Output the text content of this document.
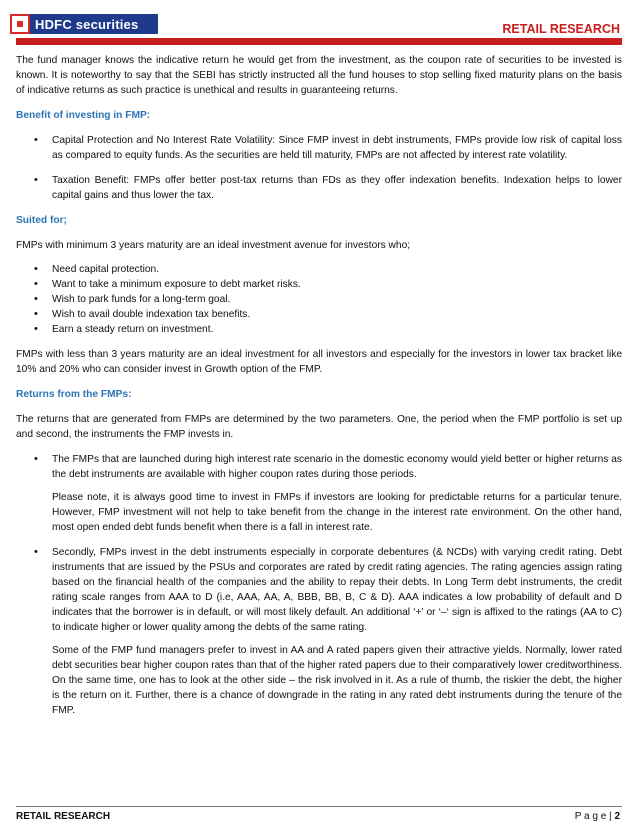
HDFC securities	RETAIL RESEARCH

The fund manager knows the indicative return he would get from the investment, as the coupon rate of securities to be invested is known. It is noteworthy to say that the SEBI has strictly instructed all the fund houses to stop selling fixed maturity plans on the basis of indicative returns as such practice is unethical and results in guaranteeing returns.

Benefit of investing in FMP:

• Capital Protection and No Interest Rate Volatility: Since FMP invest in debt instruments, FMPs provide low risk of capital loss as compared to equity funds. As the securities are held till maturity, FMPs are not affected by interest rate volatility.
• Taxation Benefit: FMPs offer better post-tax returns than FDs as they offer indexation benefits. Indexation helps to lower capital gains and thus lower the tax.

Suited for;

FMPs with minimum 3 years maturity are an ideal investment avenue for investors who;

• Need capital protection.
• Want to take a minimum exposure to debt market risks.
• Wish to park funds for a long-term goal.
• Wish to avail double indexation tax benefits.
• Earn a steady return on investment.

FMPs with less than 3 years maturity are an ideal investment for all investors and especially for the investors in lower tax bracket like 10% and 20% who can consider invest in Growth option of the FMP.

Returns from the FMPs:

The returns that are generated from FMPs are determined by the two parameters. One, the period when the FMP portfolio is set up and second, the instruments the FMP invests in.

• The FMPs that are launched during high interest rate scenario in the domestic economy would yield better or higher returns as the debt instruments are available with higher coupon rates during those periods.

Please note, it is always good time to invest in FMPs if investors are looking for predictable returns for a particular tenure. However, FMP investment will not help to take benefit from the change in the interest rate environment. On the other hand, most open ended debt funds benefit when there is a fall in interest rate.

• Secondly, FMPs invest in the debt instruments especially in corporate debentures (& NCDs) with varying credit rating. Debt instruments that are issued by the PSUs and corporates are rated by credit rating agencies. The rating agencies assign rating based on the financial health of the companies and the ability to repay their debts. In Long Term debt instruments, the credit rating scale ranges from AAA to D (i.e, AAA, AA, A, BBB, BB, B, C & D). AAA indicates a low probability of default and D indicates that the borrower is in default, or will most likely default. An additional ‘+’ or ‘–‘ sign is affixed to the ratings (AA to C) to indicate higher or lower quality among the debts of the same rating.

Some of the FMP fund managers prefer to invest in AA and A rated papers given their attractive yields. Normally, lower rated debt securities bear higher coupon rates than that of the higher rated papers due to their comparatively lower creditworthiness. On the same time, one has to look at the other side – the risk involved in it. As a rule of thumb, the riskier the debt, the higher is the return on it. Further, there is a chance of downgrade in the rating in any rated debt instruments during the tenure of the FMP.

RETAIL RESEARCH	P a g e | 2
